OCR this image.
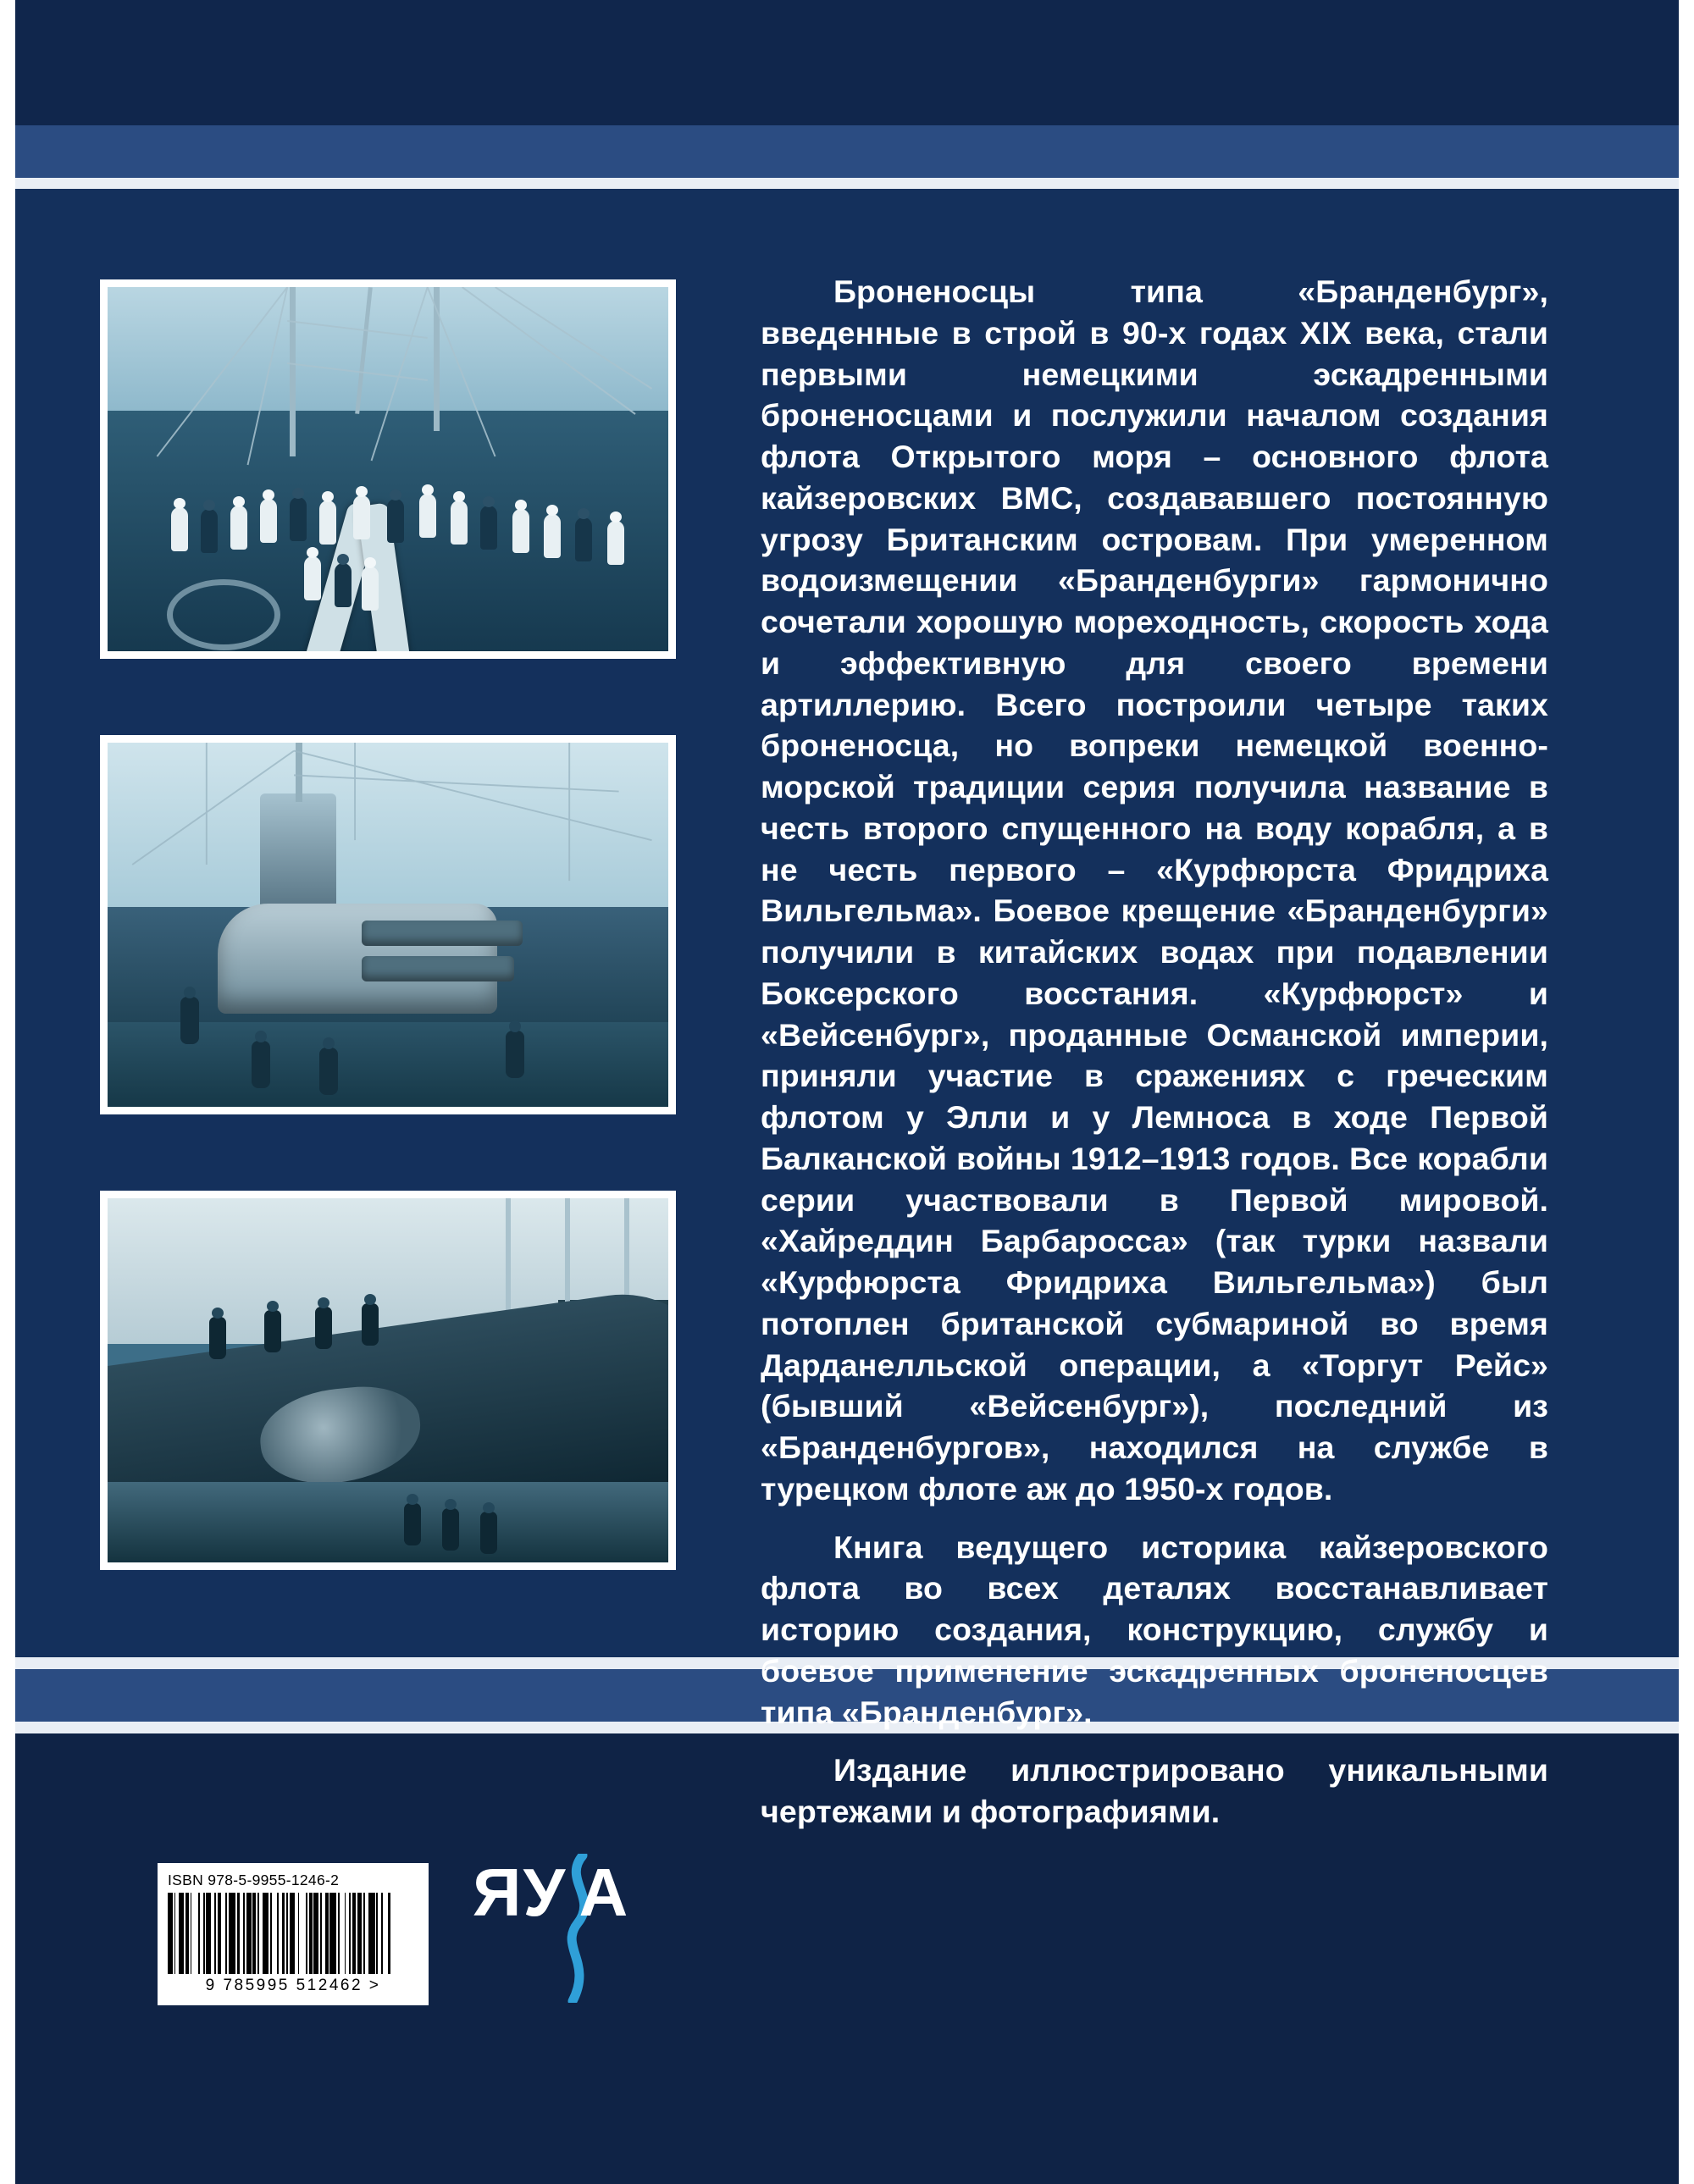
Броненосцы типа «Бранденбург», введенные в строй в 90-х годах XIX века, стали первыми немецкими эскадренными броненосцами и послужили началом создания флота Открытого моря – основного флота кайзеровских ВМС, создававшего постоянную угрозу Британским островам. При умеренном водоизмещении «Бранденбурги» гармонично сочетали хорошую мореходность, скорость хода и эффективную для своего времени артиллерию. Всего построили четыре таких броненосца, но вопреки немецкой военно-морской традиции серия получила название в честь второго спущенного на воду корабля, а в не честь первого – «Курфюрста Фридриха Вильгельма». Боевое крещение «Бранденбурги» получили в китайских водах при подавлении Боксерского восстания. «Курфюрст» и «Вейсенбург», проданные Османской империи, приняли участие в сражениях с греческим флотом у Элли и у Лемноса в ходе Первой Балканской войны 1912–1913 годов. Все корабли серии участвовали в Первой мировой. «Хайреддин Барбаросса» (так турки назвали «Курфюрста Фридриха Вильгельма») был потоплен британской субмариной во время Дарданелльской операции, а «Торгут Рейс» (бывший «Вейсенбург»), последний из «Бранденбургов», находился на службе в турецком флоте аж до 1950-х годов.

Книга ведущего историка кайзеровского флота во всех деталях восстанавливает историю создания, конструкцию, службу и боевое применение эскадренных броненосцев типа «Бранденбург».

Издание иллюстрировано уникальными чертежами и фотографиями.

ISBN 978-5-9955-1246-2
9 785995 512462 >
ЯУ А
